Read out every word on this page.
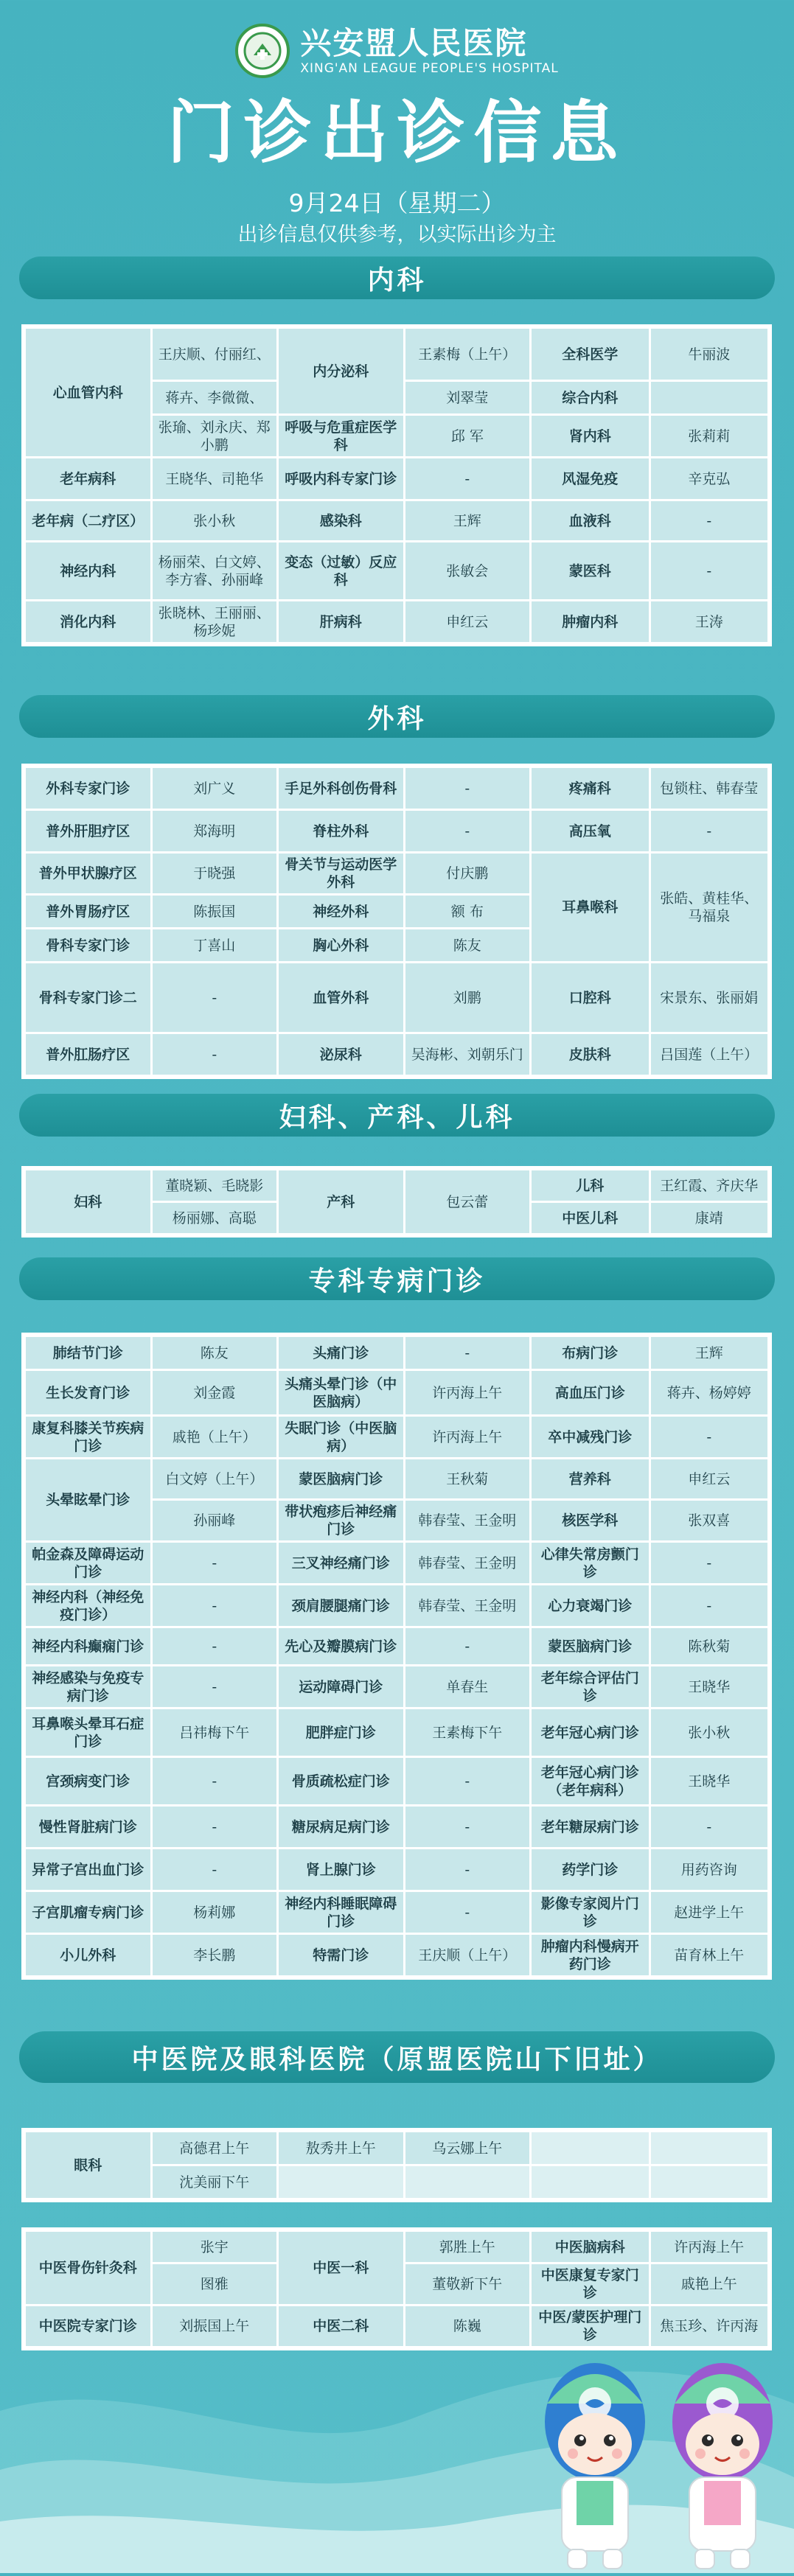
兴安盟人民医院
XING'AN LEAGUE PEOPLE'S HOSPITAL
门诊出诊信息
9月24日（星期二）
出诊信息仅供参考，以实际出诊为主
内科
心血管内科	王庆顺、付丽红、	内分泌科	王素梅（上午）	全科医学	牛丽波
	蒋卉、李微微、		刘翠莹	综合内科	
	张瑜、刘永庆、郑小鹏	呼吸与危重症医学科	邱 军	肾内科	张莉莉
老年病科	王晓华、司艳华	呼吸内科专家门诊	-	风湿免疫	辛克弘
老年病（二疗区）	张小秋	感染科	王辉	血液科	-
神经内科	杨丽荣、白文婷、李方睿、孙丽峰	变态（过敏）反应科	张敏会	蒙医科	-
消化内科	张晓林、王丽丽、杨珍妮	肝病科	申红云	肿瘤内科	王涛
外科
外科专家门诊	刘广义	手足外科创伤骨科	-	疼痛科	包锁柱、韩春莹
普外肝胆疗区	郑海明	脊柱外科	-	高压氧	-
普外甲状腺疗区	于晓强	骨关节与运动医学外科	付庆鹏	耳鼻喉科	张皓、黄桂华、马福泉
普外胃肠疗区	陈振国	神经外科	额 布		
骨科专家门诊	丁喜山	胸心外科	陈友		
骨科专家门诊二	-	血管外科	刘鹏	口腔科	宋景东、张丽娟
普外肛肠疗区	-	泌尿科	吴海彬、刘朝乐门	皮肤科	吕国莲（上午）
妇科、产科、儿科
妇科	董晓颖、毛晓影	产科	包云蕾	儿科	王红霞、齐庆华
	杨丽娜、高聪			中医儿科	康靖
专科专病门诊
肺结节门诊	陈友	头痛门诊	-	布病门诊	王辉
生长发育门诊	刘金霞	头痛头晕门诊（中医脑病）	许丙海上午	高血压门诊	蒋卉、杨婷婷
康复科膝关节疾病门诊	戚艳（上午）	失眠门诊（中医脑病）	许丙海上午	卒中减残门诊	-
头晕眩晕门诊	白文婷（上午）	蒙医脑病门诊	王秋菊	营养科	申红云
	孙丽峰	带状疱疹后神经痛门诊	韩春莹、王金明	核医学科	张双喜
帕金森及障碍运动门诊	-	三叉神经痛门诊	韩春莹、王金明	心律失常房颤门诊	-
神经内科（神经免疫门诊）	-	颈肩腰腿痛门诊	韩春莹、王金明	心力衰竭门诊	-
神经内科癫痫门诊	-	先心及瓣膜病门诊	-	蒙医脑病门诊	陈秋菊
神经感染与免疫专病门诊	-	运动障碍门诊	单春生	老年综合评估门诊	王晓华
耳鼻喉头晕耳石症门诊	吕祎梅下午	肥胖症门诊	王素梅下午	老年冠心病门诊	张小秋
宫颈病变门诊	-	骨质疏松症门诊	-	老年冠心病门诊（老年病科）	王晓华
慢性肾脏病门诊	-	糖尿病足病门诊	-	老年糖尿病门诊	-
异常子宫出血门诊	-	肾上腺门诊	-	药学门诊	用药咨询
子宫肌瘤专病门诊	杨莉娜	神经内科睡眠障碍门诊	-	影像专家阅片门诊	赵进学上午
小儿外科	李长鹏	特需门诊	王庆顺（上午）	肿瘤内科慢病开药门诊	苗育林上午
中医院及眼科医院（原盟医院山下旧址）
眼科	高德君上午	敖秀井上午	乌云娜上午		
	沈美丽下午				
中医骨伤针灸科	张宇	中医一科	郭胜上午	中医脑病科	许丙海上午
	图雅		董敬新下午	中医康复专家门诊	戚艳上午
中医院专家门诊	刘振国上午	中医二科	陈巍	中医/蒙医护理门诊	焦玉珍、许丙海
